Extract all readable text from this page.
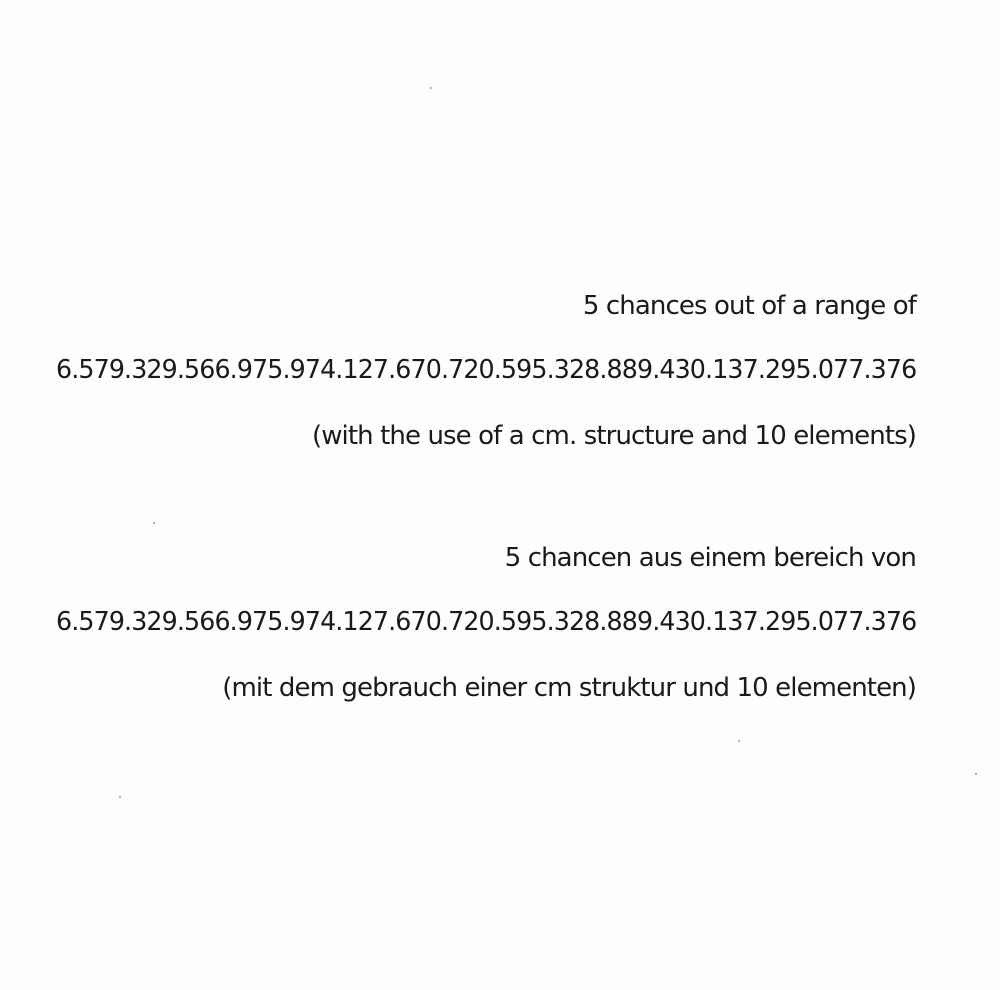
5 chances out of a range of
6.579.329.566.975.974.127.670.720.595.328.889.430.137.295.077.376
(with the use of a cm. structure and 10 elements)
5 chancen aus einem bereich von
6.579.329.566.975.974.127.670.720.595.328.889.430.137.295.077.376
(mit dem gebrauch einer cm struktur und 10 elementen)
